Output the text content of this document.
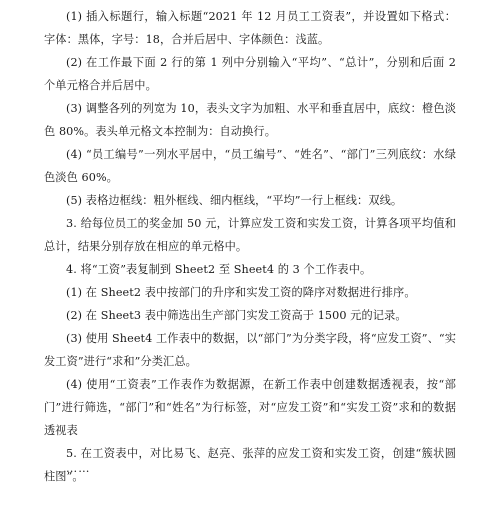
(1) 插入标题行，输入标题“2021 年 12 月员工工资表”，并设置如下格式：字体：黑体，字号：18，合并后居中、字体颜色：浅蓝。

(2) 在工作最下面 2 行的第 1 列中分别输入“平均”、“总计”，分别和后面 2 个单元格合并后居中。

(3) 调整各列的列宽为 10，表头文字为加粗、水平和垂直居中，底纹：橙色淡色 80%。表头单元格文本控制为：自动换行。

(4) “员工编号”一列水平居中，“员工编号”、“姓名”、“部门”三列底纹：水绿色淡色 60%。

(5) 表格边框线：粗外框线、细内框线，“平均”一行上框线：双线。

3. 给每位员工的奖金加 50 元，计算应发工资和实发工资，计算各项平均值和总计，结果分别存放在相应的单元格中。

4. 将“工资”表复制到 Sheet2 至 Sheet4 的 3 个工作表中。

(1) 在 Sheet2 表中按部门的升序和实发工资的降序对数据进行排序。

(2) 在 Sheet3 表中筛选出生产部门实发工资高于 1500 元的记录。

(3) 使用 Sheet4 工作表中的数据，以“部门”为分类字段，将“应发工资”、“实发工资”进行“求和”分类汇总。

(4) 使用“工资表”工作表作为数据源，在新工作表中创建数据透视表，按“部门”进行筛选，“部门”和“姓名”为行标签，对“应发工资”和“实发工资”求和的数据透视表

5. 在工资表中，对比易飞、赵亮、张萍的应发工资和实发工资，创建“簇状圆柱图”。

……
